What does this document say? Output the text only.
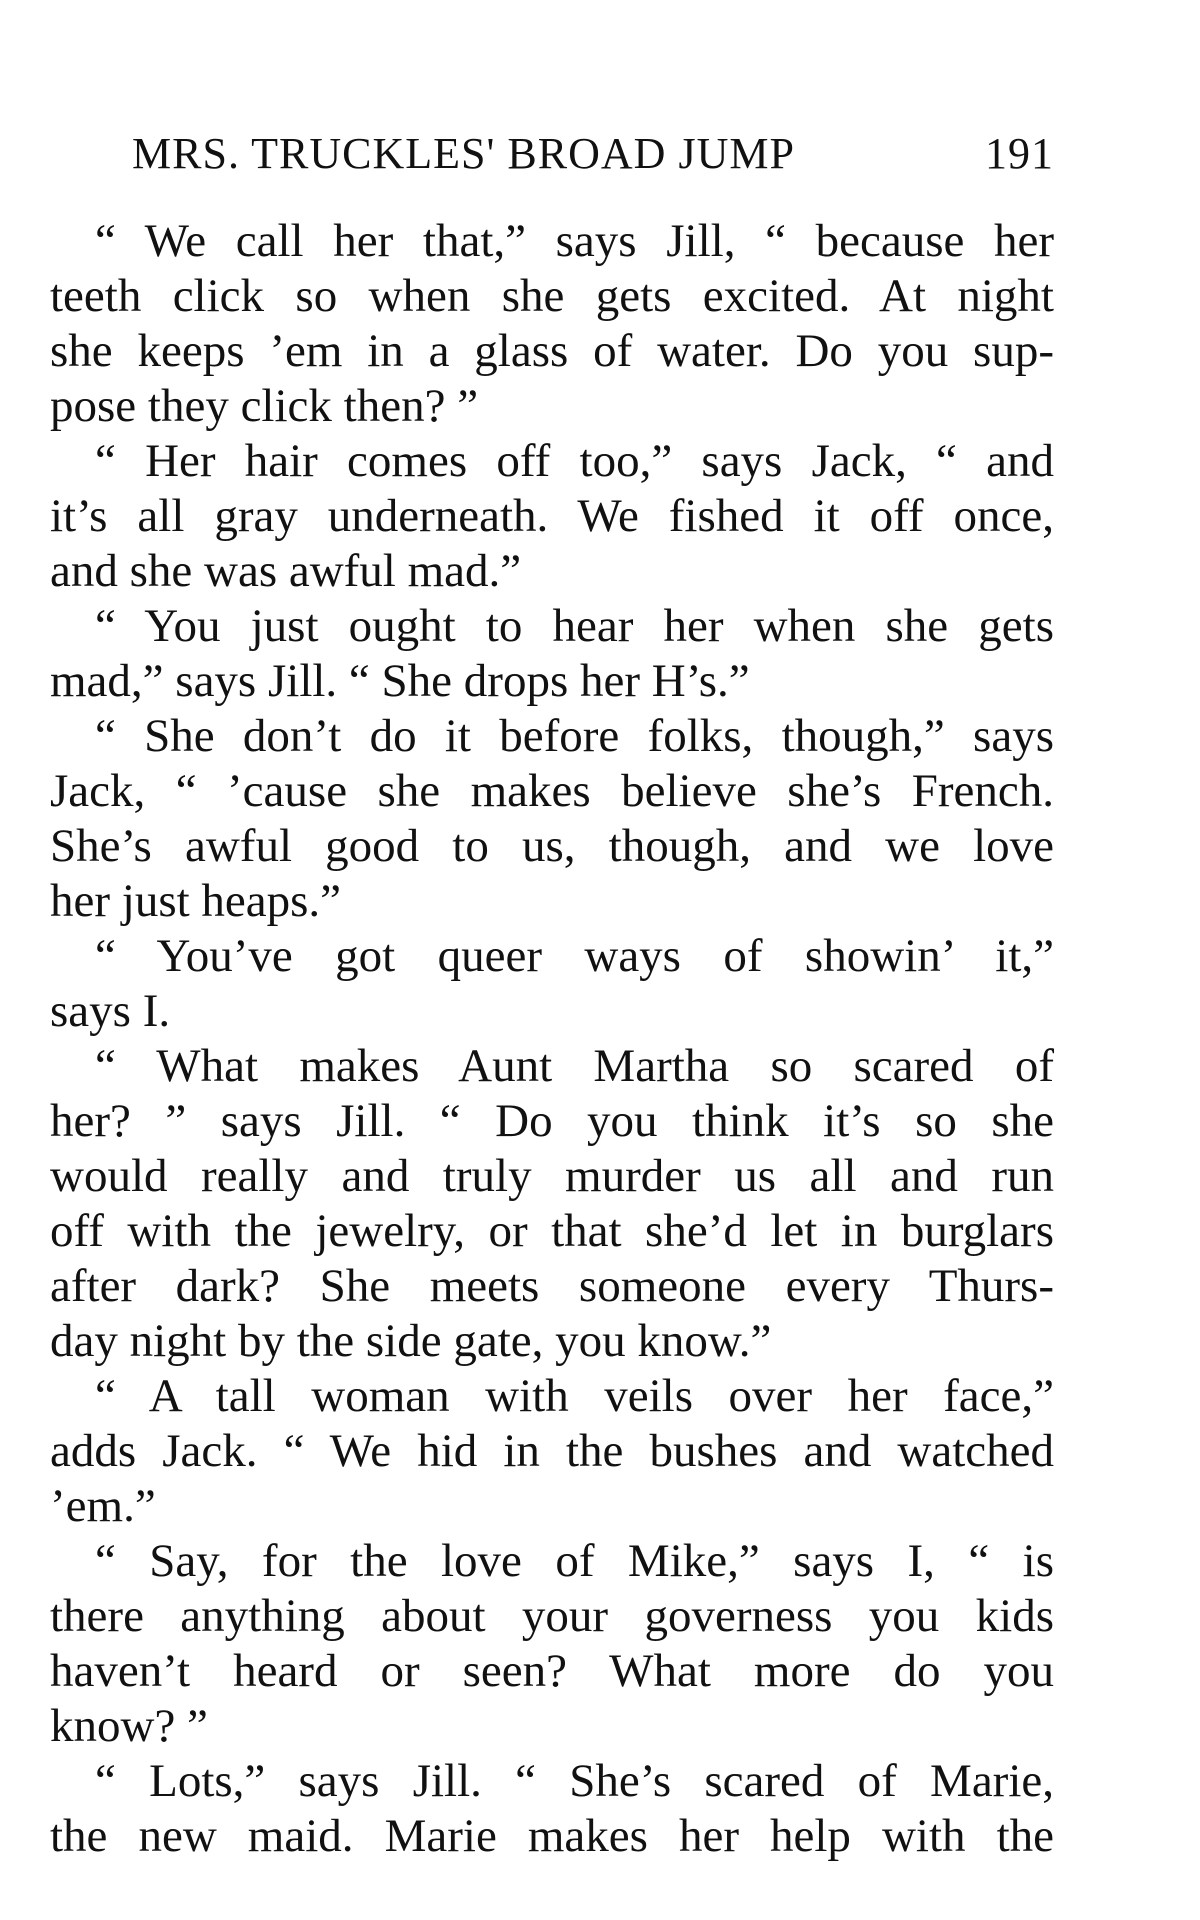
MRS. TRUCKLES' BROAD JUMP	191
“ We call her that,” says Jill, “ because her
teeth click so when she gets excited. At night
she keeps ’em in a glass of water. Do you sup-
pose they click then? ”
“ Her hair comes off too,” says Jack, “ and
it’s all gray underneath. We fished it off once,
and she was awful mad.”
“ You just ought to hear her when she gets
mad,” says Jill. “ She drops her H’s.”
“ She don’t do it before folks, though,” says
Jack, “ ’cause she makes believe she’s French.
She’s awful good to us, though, and we love
her just heaps.”
“ You’ve got queer ways of showin’ it,”
says I.
“ What makes Aunt Martha so scared of
her? ” says Jill. “ Do you think it’s so she
would really and truly murder us all and run
off with the jewelry, or that she’d let in burglars
after dark? She meets someone every Thurs-
day night by the side gate, you know.”
“ A tall woman with veils over her face,”
adds Jack. “ We hid in the bushes and watched
’em.”
“ Say, for the love of Mike,” says I, “ is
there anything about your governess you kids
haven’t heard or seen? What more do you
know? ”
“ Lots,” says Jill. “ She’s scared of Marie,
the new maid. Marie makes her help with the
